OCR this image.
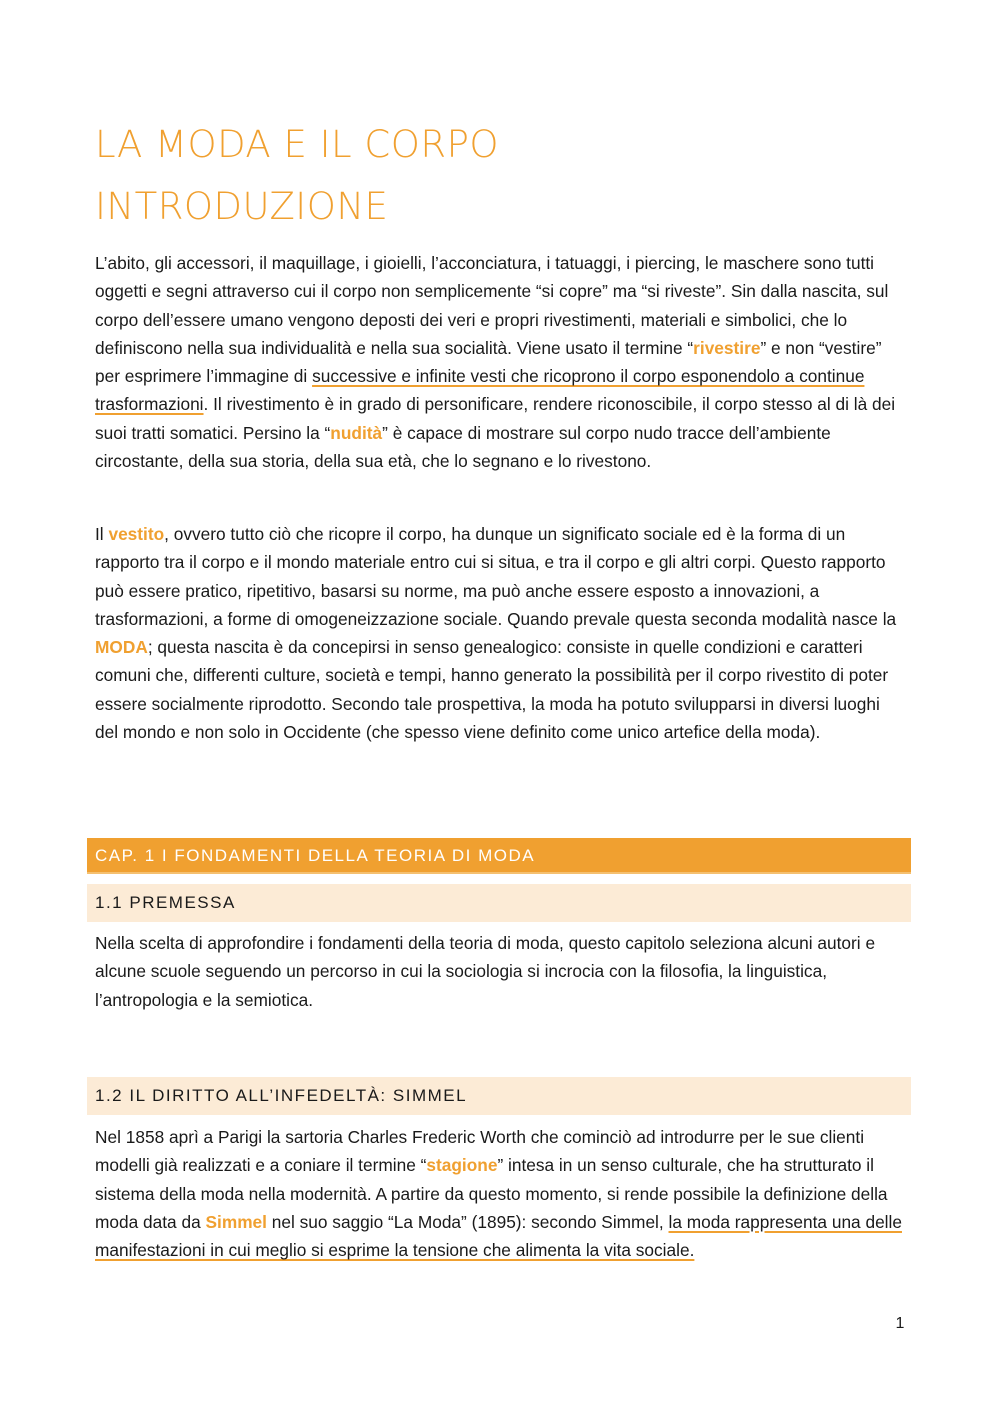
LA MODA E IL CORPO
INTRODUZIONE

L’abito, gli accessori, il maquillage, i gioielli, l’acconciatura, i tatuaggi, i piercing, le maschere sono tutti oggetti e segni attraverso cui il corpo non semplicemente “si copre” ma “si riveste”. Sin dalla nascita, sul corpo dell’essere umano vengono deposti dei veri e propri rivestimenti, materiali e simbolici, che lo definiscono nella sua individualità e nella sua socialità. Viene usato il termine “rivestire” e non “vestire” per esprimere l’immagine di successive e infinite vesti che ricoprono il corpo esponendolo a continue trasformazioni. Il rivestimento è in grado di personificare, rendere riconoscibile, il corpo stesso al di là dei suoi tratti somatici. Persino la “nudità” è capace di mostrare sul corpo nudo tracce dell’ambiente circostante, della sua storia, della sua età, che lo segnano e lo rivestono.

Il vestito, ovvero tutto ciò che ricopre il corpo, ha dunque un significato sociale ed è la forma di un rapporto tra il corpo e il mondo materiale entro cui si situa, e tra il corpo e gli altri corpi. Questo rapporto può essere pratico, ripetitivo, basarsi su norme, ma può anche essere esposto a innovazioni, a trasformazioni, a forme di omogeneizzazione sociale. Quando prevale questa seconda modalità nasce la MODA; questa nascita è da concepirsi in senso genealogico: consiste in quelle condizioni e caratteri comuni che, differenti culture, società e tempi, hanno generato la possibilità per il corpo rivestito di poter essere socialmente riprodotto. Secondo tale prospettiva, la moda ha potuto svilupparsi in diversi luoghi del mondo e non solo in Occidente (che spesso viene definito come unico artefice della moda).

CAP. 1 I FONDAMENTI DELLA TEORIA DI MODA
1.1 PREMESSA

Nella scelta di approfondire i fondamenti della teoria di moda, questo capitolo seleziona alcuni autori e alcune scuole seguendo un percorso in cui la sociologia si incrocia con la filosofia, la linguistica, l’antropologia e la semiotica.

1.2 IL DIRITTO ALL’INFEDELTÀ: SIMMEL

Nel 1858 aprì a Parigi la sartoria Charles Frederic Worth che cominciò ad introdurre per le sue clienti modelli già realizzati e a coniare il termine “stagione” intesa in un senso culturale, che ha strutturato il sistema della moda nella modernità. A partire da questo momento, si rende possibile la definizione della moda data da Simmel nel suo saggio “La Moda” (1895): secondo Simmel, la moda rappresenta una delle manifestazioni in cui meglio si esprime la tensione che alimenta la vita sociale.

1
